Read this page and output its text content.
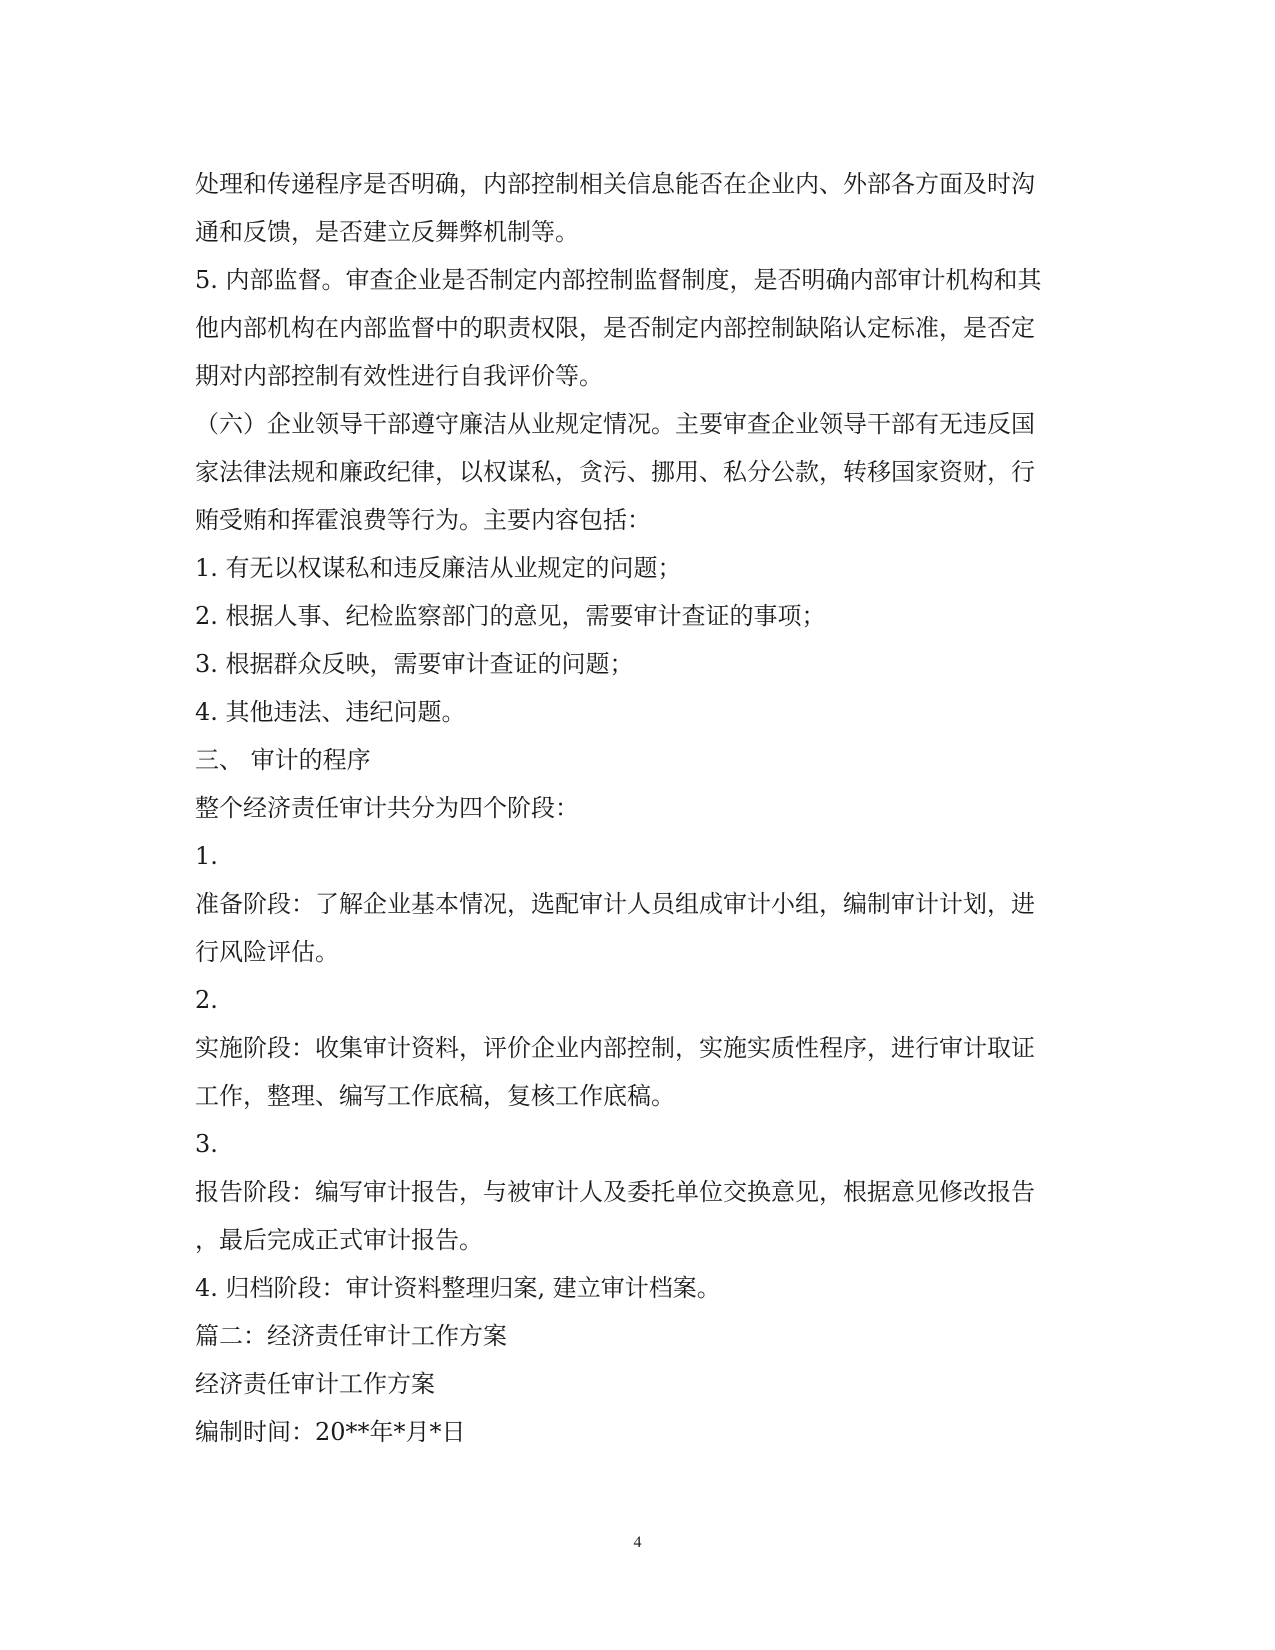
处理和传递程序是否明确，内部控制相关信息能否在企业内、外部各方面及时沟

通和反馈，是否建立反舞弊机制等。

5. 内部监督。审查企业是否制定内部控制监督制度，是否明确内部审计机构和其

他内部机构在内部监督中的职责权限，是否制定内部控制缺陷认定标准，是否定

期对内部控制有效性进行自我评价等。

（六）企业领导干部遵守廉洁从业规定情况。主要审查企业领导干部有无违反国

家法律法规和廉政纪律，以权谋私，贪污、挪用、私分公款，转移国家资财，行

贿受贿和挥霍浪费等行为。主要内容包括：

1. 有无以权谋私和违反廉洁从业规定的问题；

2. 根据人事、纪检监察部门的意见，需要审计查证的事项；

3. 根据群众反映，需要审计查证的问题；

4. 其他违法、违纪问题。

三、 审计的程序

整个经济责任审计共分为四个阶段：

1.

准备阶段：了解企业基本情况，选配审计人员组成审计小组，编制审计计划，进

行风险评估。

2.

实施阶段：收集审计资料，评价企业内部控制，实施实质性程序，进行审计取证

工作，整理、编写工作底稿，复核工作底稿。

3.

报告阶段：编写审计报告，与被审计人及委托单位交换意见，根据意见修改报告

，最后完成正式审计报告。

4. 归档阶段：审计资料整理归案, 建立审计档案。

篇二：经济责任审计工作方案

经济责任审计工作方案

编制时间：20**年*月*日

4
